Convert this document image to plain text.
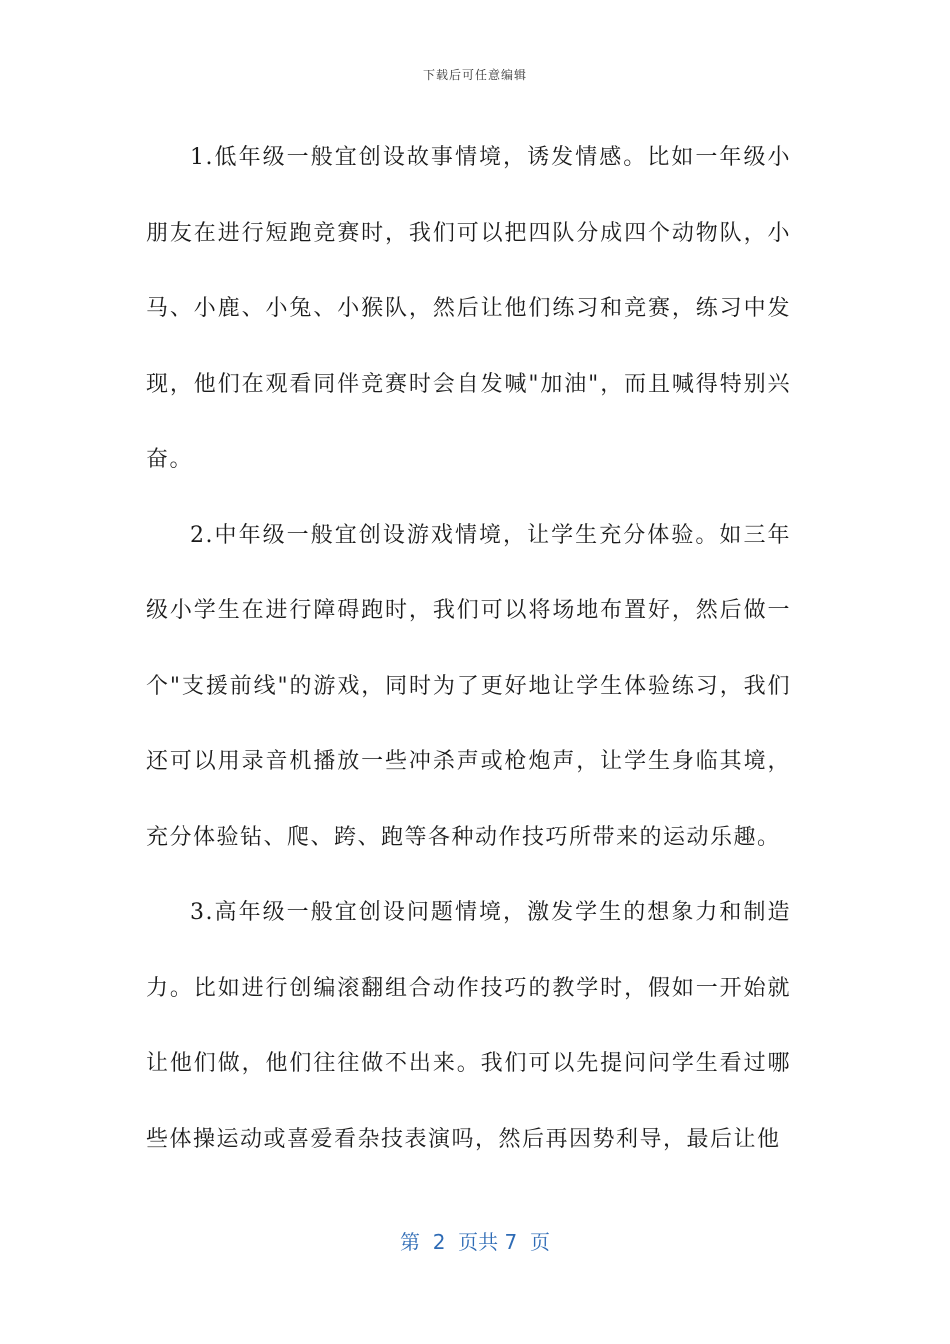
下载后可任意编辑

1.低年级一般宜创设故事情境，诱发情感。比如一年级小朋友在进行短跑竞赛时，我们可以把四队分成四个动物队，小马、小鹿、小兔、小猴队，然后让他们练习和竞赛，练习中发现，他们在观看同伴竞赛时会自发喊"加油"，而且喊得特别兴奋。

2.中年级一般宜创设游戏情境，让学生充分体验。如三年级小学生在进行障碍跑时，我们可以将场地布置好，然后做一个"支援前线"的游戏，同时为了更好地让学生体验练习，我们还可以用录音机播放一些冲杀声或枪炮声，让学生身临其境，充分体验钻、爬、跨、跑等各种动作技巧所带来的运动乐趣。

3.高年级一般宜创设问题情境，激发学生的想象力和制造力。比如进行创编滚翻组合动作技巧的教学时，假如一开始就让他们做，他们往往做不出来。我们可以先提问问学生看过哪些体操运动或喜爱看杂技表演吗，然后再因势利导，最后让他

第  2  页共 7  页
